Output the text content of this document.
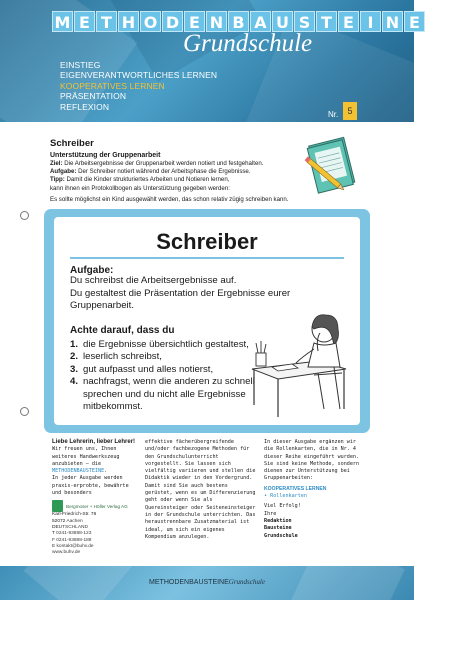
M E T H O D E N B A U S T E I N E
Grundschule
EINSTIEG
EIGENVERANTWORTLICHES LERNEN
KOOPERATIVES LERNEN
PRÄSENTATION
REFLEXION
Nr.	5
Schreiber
Unterstützung der Gruppenarbeit

Ziel: Die Arbeitsergebnisse der Gruppenarbeit werden notiert und festgehalten.

Aufgabe: Der Schreiber notiert während der Arbeitsphase die Ergebnisse.

Tipp: Damit die Kinder strukturiertes Arbeiten und Notieren lernen,

kann ihnen ein Protokollbogen als Unterstützung gegeben werden:

Es sollte möglichst ein Kind ausgewählt werden, das schon relativ zügig schreiben kann.

Schreiber

Aufgabe:

Du schreibst die Arbeitsergebnisse auf.
Du gestaltest die Präsentation der Ergebnisse eurer
Gruppenarbeit.

Achte darauf, dass du

1. die Ergebnisse übersichtlich gestaltest,
2. leserlich schreibst,
3. gut aufpasst und alles notierst,
4. nachfragst, wenn die anderen zu schnell sprechen und du nicht alle Ergebnisse mitbekommst.

Liebe Lehrerin, lieber Lehrer!

Wir freuen uns, Ihnen weiteres Handwerkszeug anzubieten – die METHODENBAUSTEINE.

In jeder Ausgabe werden praxis-erprobte, bewährte und besonders

Bergmoser + Höller Verlag AG

Karl-Friedrich-Str. 76

52072 Aachen

DEUTSCHLAND

T 0241-93888-123

F 0241-93888-188

E kontakt@buhv.de

www.buhv.de

effektive fächerübergreifende und/oder fachbezogene Methoden für den Grundschulunterricht vorgestellt. Sie lassen sich vielfältig variieren und stellen die Didaktik wieder in den Vordergrund. Damit sind Sie auch bestens gerüstet, wenn es um Differenzierung geht oder wenn Sie als Quereinsteiger oder Seiteneinsteiger in der Grundschule unterrichten. Das heraustrennbare Zusatzmaterial ist ideal, um sich ein eigenes Kompendium anzulegen.

In dieser Ausgabe ergänzen wir die Rollenkarten, die in Nr. 4 dieser Reihe eingeführt wurden. Sie sind keine Methode, sondern dienen zur Unterstützung bei Gruppenarbeiten:

KOOPERATIVES LERNEN

• Rollenkarten

Viel Erfolg!

Ihre

Redaktion

Bausteine

Grundschule

METHODENBAUSTEINEGrundschule
